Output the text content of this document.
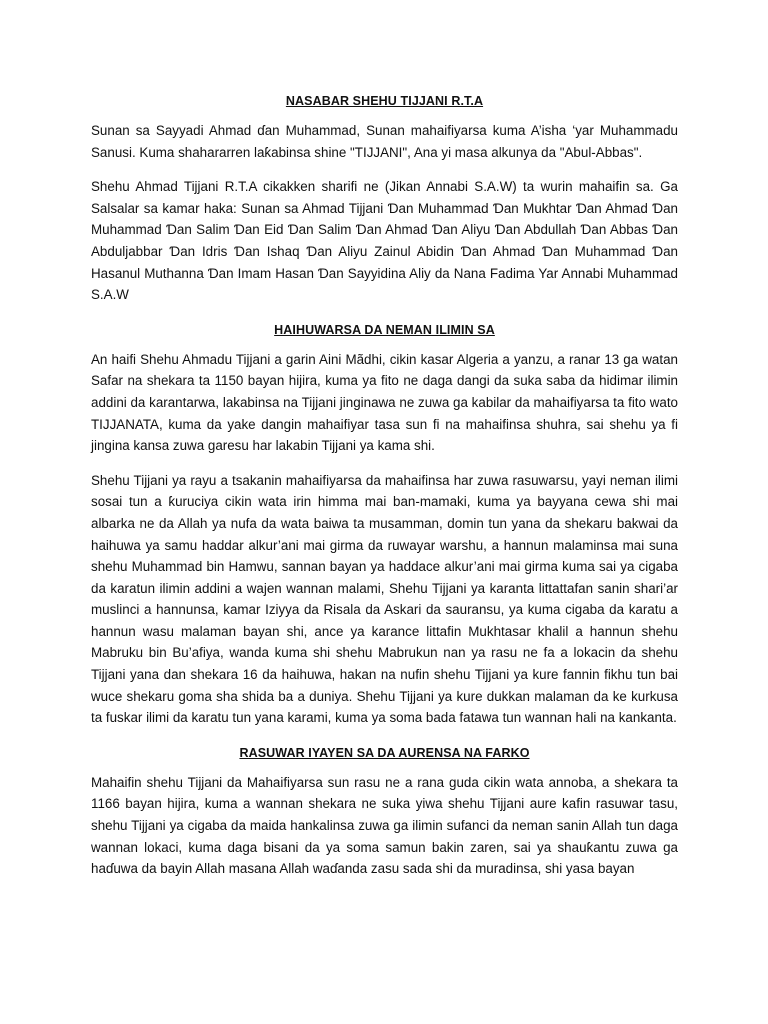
NASABAR SHEHU TIJJANI R.T.A

Sunan sa Sayyadi Ahmad ɗan Muhammad, Sunan mahaifiyarsa kuma A’isha ‘yar Muhammadu Sanusi. Kuma shahararren laƙabinsa shine "TIJJANI", Ana yi masa alkunya da "Abul-Abbas".

Shehu Ahmad Tijjani R.T.A cikakken sharifi ne (Jikan Annabi S.A.W) ta wurin mahaifin sa. Ga Salsalar sa kamar haka: Sunan sa Ahmad Tijjani Ɗan Muhammad Ɗan Mukhtar Ɗan Ahmad Ɗan Muhammad Ɗan Salim Ɗan Eid Ɗan Salim Ɗan Ahmad Ɗan Aliyu Ɗan Abdullah Ɗan Abbas Ɗan Abduljabbar Ɗan Idris Ɗan Ishaq Ɗan Aliyu Zainul Abidin Ɗan Ahmad Ɗan Muhammad Ɗan Hasanul Muthanna Ɗan Imam Hasan Ɗan Sayyidina Aliy da Nana Fadima Yar Annabi Muhammad S.A.W

HAIHUWARSA DA NEMAN ILIMIN SA

An haifi Shehu Ahmadu Tijjani a garin Aini Mãdhi, cikin kasar Algeria a yanzu, a ranar 13 ga watan Safar na shekara ta 1150 bayan hijira, kuma ya fito ne daga dangi da suka saba da hidimar ilimin addini da karantarwa, lakabinsa na Tijjani jinginawa ne zuwa ga kabilar da mahaifiyarsa ta fito wato TIJJANATA, kuma da yake dangin mahaifiyar tasa sun fi na mahaifinsa shuhra, sai shehu ya fi jingina kansa zuwa garesu har lakabin Tijjani ya kama shi.

Shehu Tijjani ya rayu a tsakanin mahaifiyarsa da mahaifinsa har zuwa rasuwarsu, yayi neman ilimi sosai tun a ƙuruciya cikin wata irin himma mai ban-mamaki, kuma ya bayyana cewa shi mai albarka ne da Allah ya nufa da wata baiwa ta musamman, domin tun yana da shekaru bakwai da haihuwa ya samu haddar alkur’ani mai girma da ruwayar warshu, a hannun malaminsa mai suna shehu Muhammad bin Hamwu, sannan bayan ya haddace alkur’ani mai girma kuma sai ya cigaba da karatun ilimin addini a wajen wannan malami, Shehu Tijjani ya karanta littattafan sanin shari’ar muslinci a hannunsa, kamar Iziyya da Risala da Askari da sauransu, ya kuma cigaba da karatu a hannun wasu malaman bayan shi, ance ya karance littafin Mukhtasar khalil a hannun shehu Mabruku bin Bu’afiya, wanda kuma shi shehu Mabrukun nan ya rasu ne fa a lokacin da shehu Tijjani yana dan shekara 16 da haihuwa, hakan na nufin shehu Tijjani ya kure fannin fikhu tun bai wuce shekaru goma sha shida ba a duniya. Shehu Tijjani ya kure dukkan malaman da ke kurkusa ta fuskar ilimi da karatu tun yana karami, kuma ya soma bada fatawa tun wannan hali na kankanta.

RASUWAR IYAYEN SA DA AURENSA NA FARKO

Mahaifin shehu Tijjani da Mahaifiyarsa sun rasu ne a rana guda cikin wata annoba, a shekara ta 1166 bayan hijira, kuma a wannan shekara ne suka yiwa shehu Tijjani aure kafin rasuwar tasu, shehu Tijjani ya cigaba da maida hankalinsa zuwa ga ilimin sufanci da neman sanin Allah tun daga wannan lokaci, kuma daga bisani da ya soma samun bakin zaren, sai ya shauƙantu zuwa ga haɗuwa da bayin Allah masana Allah waɗanda zasu sada shi da muradinsa, shi yasa bayan
